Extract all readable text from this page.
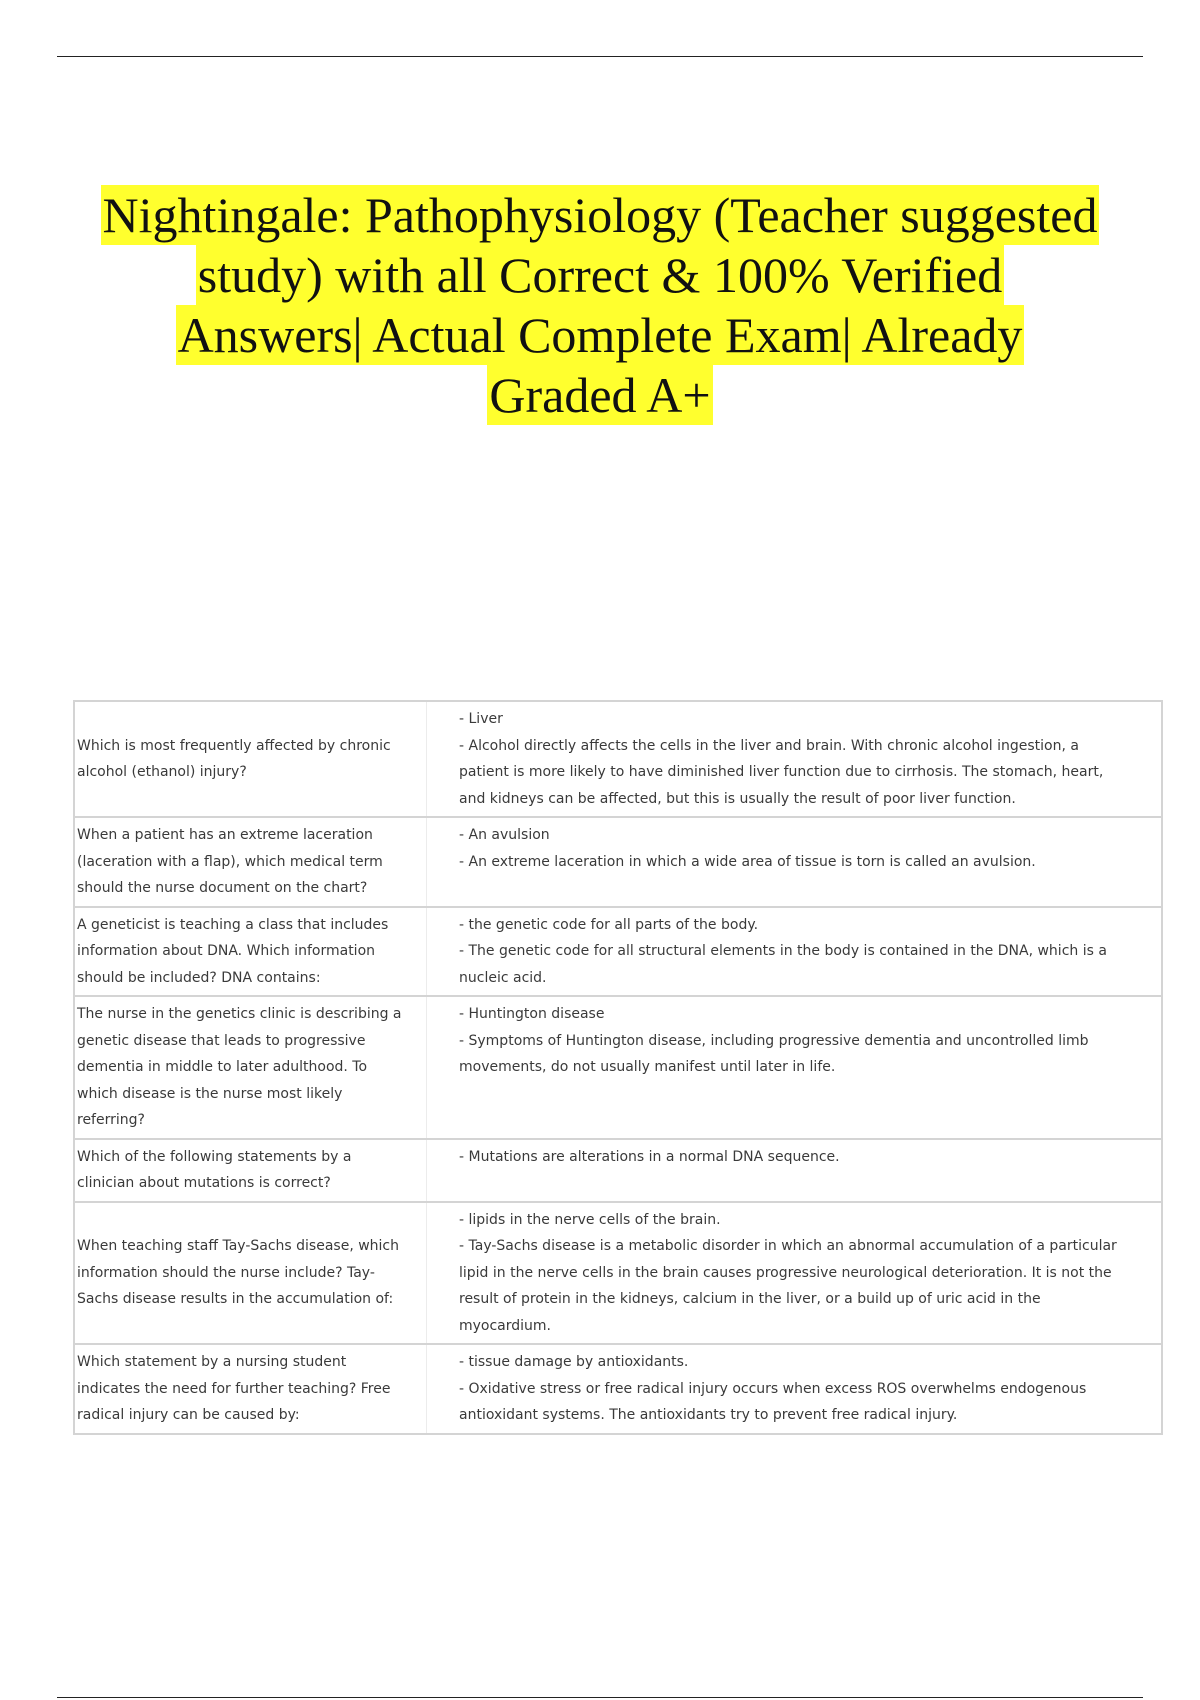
Nightingale: Pathophysiology (Teacher suggested study) with all Correct & 100% Verified Answers| Actual Complete Exam| Already Graded A+
Which is most frequently affected by chronic alcohol (ethanol) injury?	- Liver
- Alcohol directly affects the cells in the liver and brain. With chronic alcohol ingestion, a patient is more likely to have diminished liver function due to cirrhosis. The stomach, heart, and kidneys can be affected, but this is usually the result of poor liver function.

When a patient has an extreme laceration (laceration with a flap), which medical term should the nurse document on the chart?	- An avulsion
- An extreme laceration in which a wide area of tissue is torn is called an avulsion.

A geneticist is teaching a class that includes information about DNA. Which information should be included? DNA contains:	- the genetic code for all parts of the body.
- The genetic code for all structural elements in the body is contained in the DNA, which is a nucleic acid.

The nurse in the genetics clinic is describing a genetic disease that leads to progressive dementia in middle to later adulthood. To which disease is the nurse most likely referring?	- Huntington disease
- Symptoms of Huntington disease, including progressive dementia and uncontrolled limb movements, do not usually manifest until later in life.

Which of the following statements by a clinician about mutations is correct?	- Mutations are alterations in a normal DNA sequence.

When teaching staff Tay-Sachs disease, which information should the nurse include? Tay-Sachs disease results in the accumulation of:	- lipids in the nerve cells of the brain.
- Tay-Sachs disease is a metabolic disorder in which an abnormal accumulation of a particular lipid in the nerve cells in the brain causes progressive neurological deterioration. It is not the result of protein in the kidneys, calcium in the liver, or a build up of uric acid in the myocardium.

Which statement by a nursing student indicates the need for further teaching? Free radical injury can be caused by:	- tissue damage by antioxidants.
- Oxidative stress or free radical injury occurs when excess ROS overwhelms endogenous antioxidant systems. The antioxidants try to prevent free radical injury.
